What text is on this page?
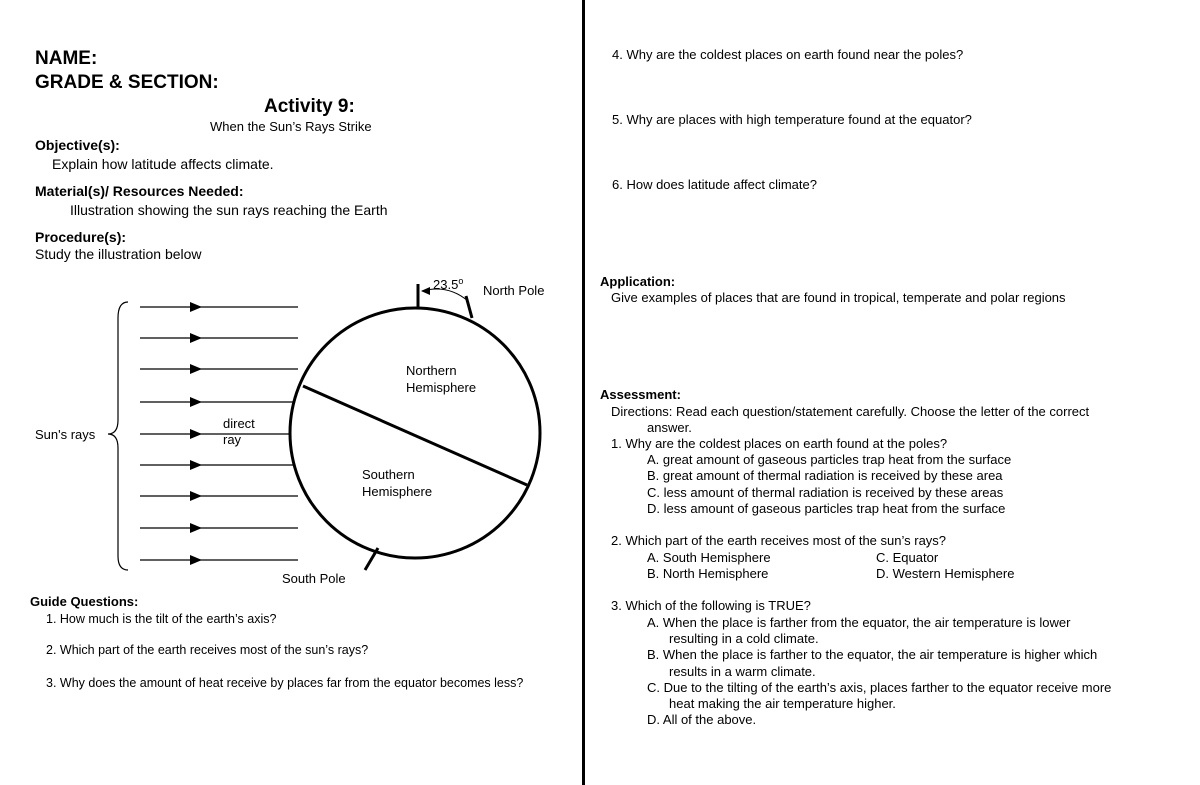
NAME:
GRADE & SECTION:
Activity 9:
When the Sun’s Rays Strike
Objective(s):
Explain how latitude affects climate.
Material(s)/ Resources Needed:
Illustration showing the sun rays reaching the Earth
Procedure(s):
Study the illustration below
23.5$^o$
North Pole
South Pole
Northern
Hemisphere
Southern
Hemisphere
direct
ray
Sun's rays
Guide Questions:
1. How much is the tilt of the earth’s axis?
2. Which part of the earth receives most of the sun’s rays?
3. Why does the amount of heat receive by places far from the equator becomes less?
4. Why are the coldest places on earth found near the poles?
5. Why are places with high temperature found at the equator?
6. How does latitude affect climate?
Application:
Give examples of places that are found in tropical, temperate and polar regions
Assessment:
Directions: Read each question/statement carefully. Choose the letter of the correct
answer.
1. Why are the coldest places on earth found at the poles?
A. great amount of gaseous particles trap heat from the surface
B. great amount of thermal radiation is received by these area
C. less amount of thermal radiation is received by these areas
D. less amount of gaseous particles trap heat from the surface
2. Which part of the earth receives most of the sun’s rays?
A. South Hemisphere
B. North Hemisphere
C. Equator
D. Western Hemisphere
3. Which of the following is TRUE?
A. When the place is farther from the equator, the air temperature is lower
resulting in a cold climate.
B. When the place is farther to the equator, the air temperature is higher which
results in a warm climate.
C. Due to the tilting of the earth’s axis, places farther to the equator receive more
heat making the air temperature higher.
D. All of the above.
